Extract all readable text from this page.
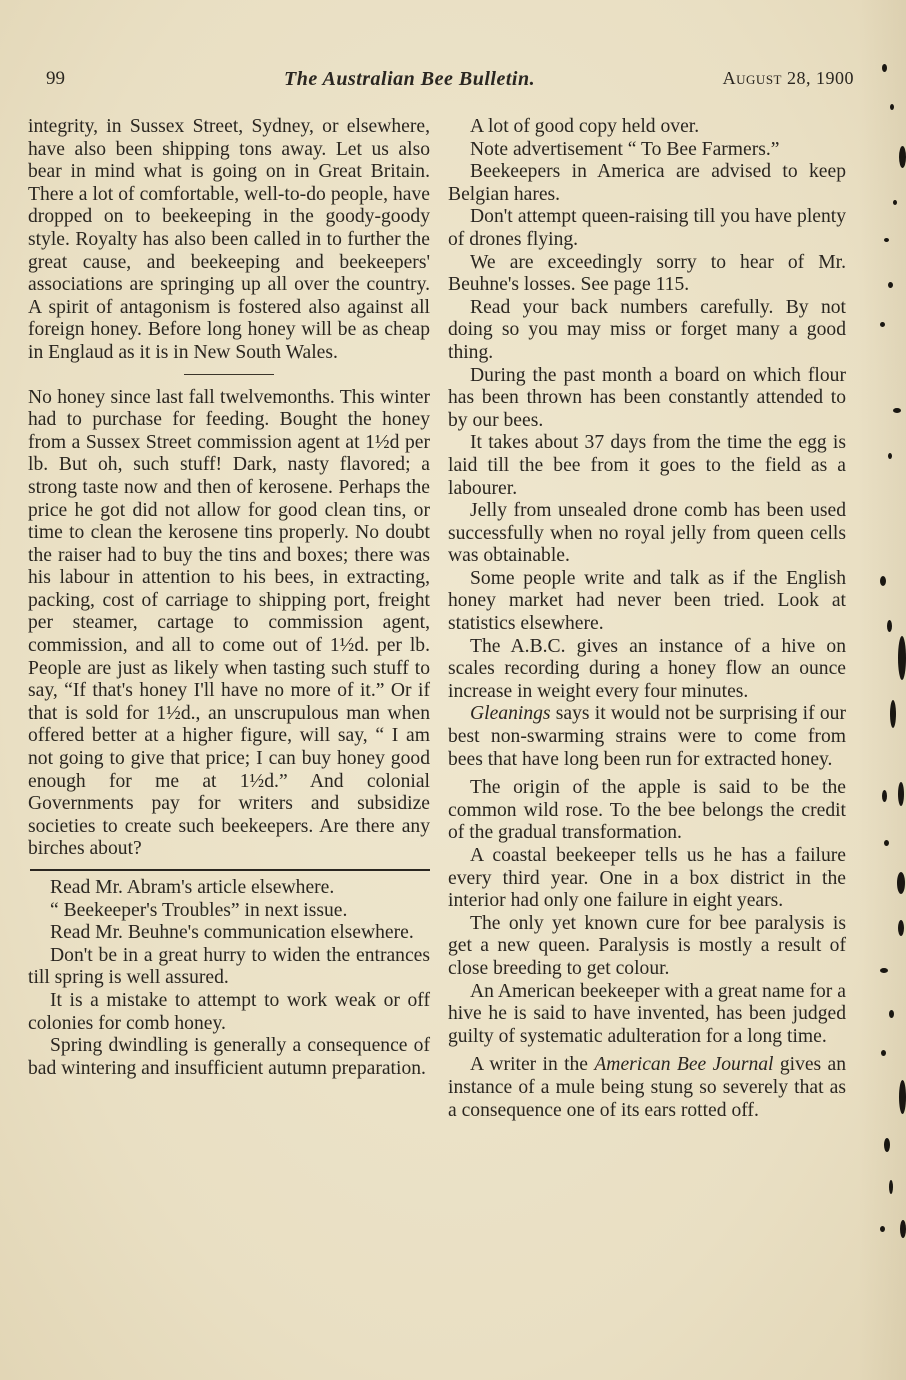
99	The Australian Bee Bulletin.	August 28, 1900

integrity, in Sussex Street, Sydney, or elsewhere, have also been shipping tons away. Let us also bear in mind what is going on in Great Britain. There a lot of comfortable, well-to-do people, have dropped on to beekeeping in the goody-goody style. Royalty has also been called in to further the great cause, and beekeeping and beekeepers' associations are springing up all over the country. A spirit of antagonism is fostered also against all foreign honey. Before long honey will be as cheap in Englaud as it is in New South Wales.

No honey since last fall twelvemonths. This winter had to purchase for feeding. Bought the honey from a Sussex Street commission agent at 1½d per lb. But oh, such stuff! Dark, nasty flavored; a strong taste now and then of kerosene. Perhaps the price he got did not allow for good clean tins, or time to clean the kerosene tins properly. No doubt the raiser had to buy the tins and boxes; there was his labour in attention to his bees, in extracting, packing, cost of carriage to shipping port, freight per steamer, cartage to commission agent, commission, and all to come out of 1½d. per lb. People are just as likely when tasting such stuff to say, “If that's honey I'll have no more of it.” Or if that is sold for 1½d., an unscrupulous man when offered better at a higher figure, will say, “ I am not going to give that price; I can buy honey good enough for me at 1½d.” And colonial Governments pay for writers and subsidize societies to create such beekeepers. Are there any birches about?

Read Mr. Abram's article elsewhere.

“ Beekeeper's Troubles” in next issue.

Read Mr. Beuhne's communication elsewhere.

Don't be in a great hurry to widen the entrances till spring is well assured.

It is a mistake to attempt to work weak or off colonies for comb honey.

Spring dwindling is generally a consequence of bad wintering and insufficient autumn preparation.

A lot of good copy held over.

Note advertisement “ To Bee Farmers.”

Beekeepers in America are advised to keep Belgian hares.

Don't attempt queen-raising till you have plenty of drones flying.

We are exceedingly sorry to hear of Mr. Beuhne's losses. See page 115.

Read your back numbers carefully. By not doing so you may miss or forget many a good thing.

During the past month a board on which flour has been thrown has been constantly attended to by our bees.

It takes about 37 days from the time the egg is laid till the bee from it goes to the field as a labourer.

Jelly from unsealed drone comb has been used successfully when no royal jelly from queen cells was obtainable.

Some people write and talk as if the English honey market had never been tried. Look at statistics elsewhere.

The A.B.C. gives an instance of a hive on scales recording during a honey flow an ounce increase in weight every four minutes.

Gleanings says it would not be surprising if our best non-swarming strains were to come from bees that have long been run for extracted honey.

The origin of the apple is said to be the common wild rose. To the bee belongs the credit of the gradual transformation.

A coastal beekeeper tells us he has a failure every third year. One in a box district in the interior had only one failure in eight years.

The only yet known cure for bee paralysis is get a new queen. Paralysis is mostly a result of close breeding to get colour.

An American beekeeper with a great name for a hive he is said to have invented, has been judged guilty of systematic adulteration for a long time.

A writer in the American Bee Journal gives an instance of a mule being stung so severely that as a consequence one of its ears rotted off.
